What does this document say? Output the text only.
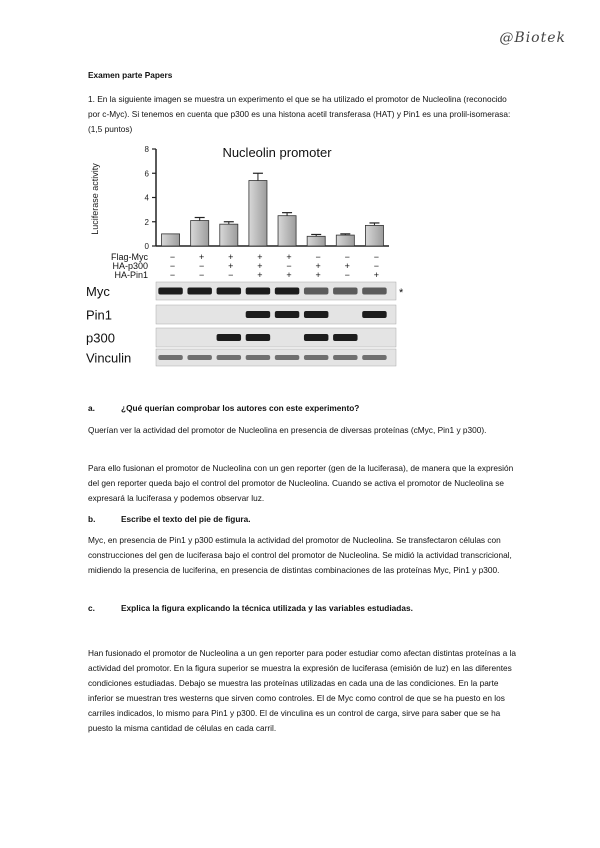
@Biotek
Examen parte Papers

1. En la siguiente imagen se muestra un experimento el que se ha utilizado el promotor de Nucleolina (reconocido por c-Myc). Si tenemos en cuenta que p300 es una histona acetil transferasa (HAT) y Pin1 es una prolil-isomerasa: (1,5 puntos)

Nucleolin promoter
Luciferase activity
0
2
4
6
8
Flag-Myc −	+	+	+	+	−	−	−
HA-p300 −	−	+	+	−	+	+	−
HA-Pin1 −	−	−	+	+	+	−	+
Myc	*
Pin1
p300
Vinculin
a.	¿Qué querían comprobar los autores con este experimento?

Querían ver la actividad del promotor de Nucleolina en presencia de diversas proteínas (cMyc, Pin1 y p300).

Para ello fusionan el promotor de Nucleolina con un gen reporter (gen de la luciferasa), de manera que la expresión del gen reporter queda bajo el control del promotor de Nucleolina. Cuando se activa el promotor de Nucleolina se expresará la luciferasa y podemos observar luz.

b.	Escribe el texto del pie de figura.

Myc, en presencia de Pin1 y p300 estimula la actividad del promotor de Nucleolina. Se transfectaron células con construcciones del gen de luciferasa bajo el control del promotor de Nucleolina. Se midió la actividad transcricional, midiendo la presencia de luciferina, en presencia de distintas combinaciones de las proteínas Myc, Pin1 y p300.

c.	Explica la figura explicando la técnica utilizada y las variables estudiadas.

Han fusionado el promotor de Nucleolina a un gen reporter para poder estudiar como afectan distintas proteínas a la actividad del promotor. En la figura superior se muestra la expresión de luciferasa (emisión de luz) en las diferentes condiciones estudiadas. Debajo se muestra las proteínas utilizadas en cada una de las condiciones. En la parte inferior se muestran tres westerns que sirven como controles. El de Myc como control de que se ha puesto en los carriles indicados, lo mismo para Pin1 y p300. El de vinculina es un control de carga, sirve para saber que se ha puesto la misma cantidad de células en cada carril.
